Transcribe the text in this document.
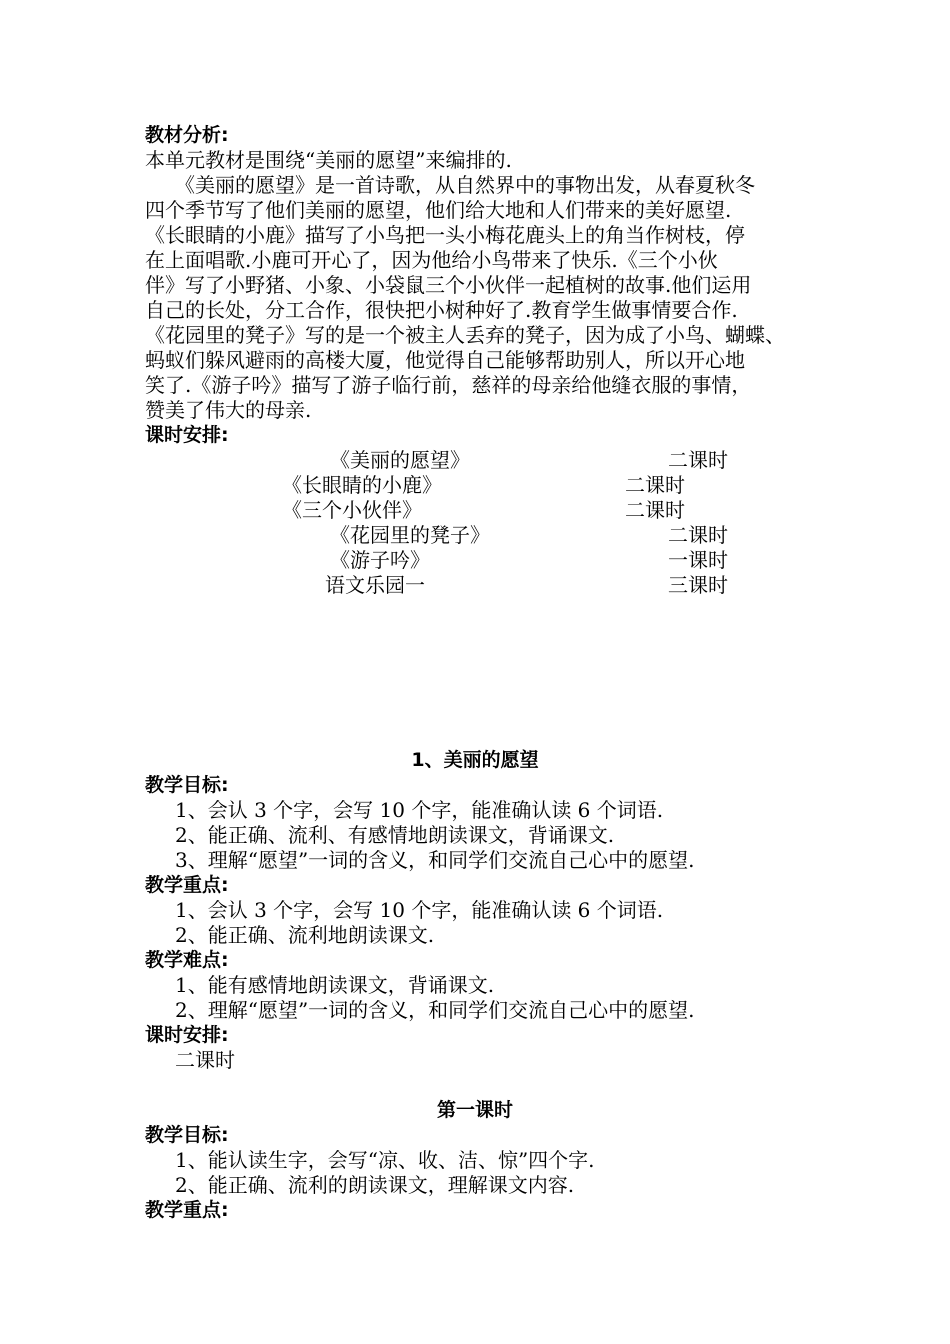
教材分析:
本单元教材是围绕“美丽的愿望”来编排的.
《美丽的愿望》是一首诗歌，从自然界中的事物出发，从春夏秋冬
四个季节写了他们美丽的愿望，他们给大地和人们带来的美好愿望.
《长眼睛的小鹿》描写了小鸟把一头小梅花鹿头上的角当作树枝，停
在上面唱歌.小鹿可开心了，因为他给小鸟带来了快乐.《三个小伙
伴》写了小野猪、小象、小袋鼠三个小伙伴一起植树的故事.他们运用
自己的长处，分工合作，很快把小树种好了.教育学生做事情要合作.
《花园里的凳子》写的是一个被主人丢弃的凳子，因为成了小鸟、蝴蝶、
蚂蚁们躲风避雨的高楼大厦，他觉得自己能够帮助别人，所以开心地
笑了.《游子吟》描写了游子临行前，慈祥的母亲给他缝衣服的事情，
赞美了伟大的母亲.
课时安排:
《美丽的愿望》	二课时
《长眼睛的小鹿》	二课时
《三个小伙伴》	二课时
《花园里的凳子》	二课时
《游子吟》	一课时
语文乐园一	三课时
1、美丽的愿望
教学目标:
1、会认 3 个字，会写 10 个字，能准确认读 6 个词语.
2、能正确、流利、有感情地朗读课文，背诵课文.
3、理解“愿望”一词的含义，和同学们交流自己心中的愿望.
教学重点:
1、会认 3 个字，会写 10 个字，能准确认读 6 个词语.
2、能正确、流利地朗读课文.
教学难点:
1、能有感情地朗读课文，背诵课文.
2、理解“愿望”一词的含义，和同学们交流自己心中的愿望.
课时安排:
二课时
第一课时
教学目标:
1、能认读生字，会写“凉、收、洁、惊”四个字.
2、能正确、流利的朗读课文，理解课文内容.
教学重点:
